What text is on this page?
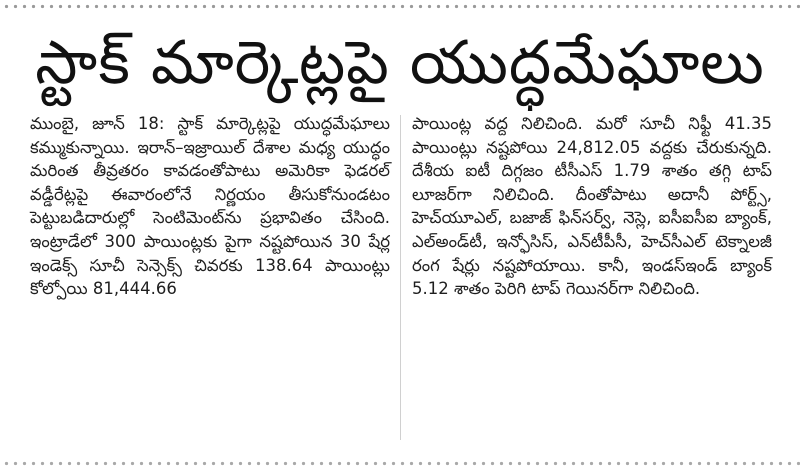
స్టాక్ మార్కెట్లపై యుద్ధమేఘాలు

ముంబై, జూన్ 18: స్టాక్ మార్కెట్లపై యుద్ధమేఘాలు కమ్ముకున్నాయి. ఇరాన్–ఇజ్రాయిల్ దేశాల మధ్య యుద్ధం మరింత తీవ్రతరం కావడంతోపాటు అమెరికా ఫెడరల్ వడ్డీరేట్లపై ఈవారంలోనే నిర్ణయం తీసుకోనుండటం పెట్టుబడిదారుల్లో సెంటిమెంట్‌ను ప్రభావితం చేసింది. ఇంట్రాడేలో 300 పాయింట్లకు పైగా నష్టపోయిన 30 షేర్ల ఇండెక్స్ సూచీ సెన్సెక్స్ చివరకు 138.64 పాయింట్లు కోల్పోయి 81,444.66

పాయింట్ల వద్ద నిలిచింది. మరో సూచీ నిఫ్టీ 41.35 పాయింట్లు నష్టపోయి 24,812.05 వద్దకు చేరుకున్నది. దేశీయ ఐటీ దిగ్గజం టీసీఎస్ 1.79 శాతం తగ్గి టాప్ లూజర్‌గా నిలిచింది. దీంతోపాటు అదానీ పోర్ట్స్, హెచ్‌యూఎల్, బజాజ్ ఫిన్‌సర్వ్, నెస్లె, ఐసీఐసీఐ బ్యాంక్, ఎల్‌అండ్‌టీ, ఇన్ఫోసిస్, ఎన్‌టీపీసీ, హెచ్‌సీఎల్ టెక్నాలజీ రంగ షేర్లు నష్టపోయాయి. కానీ, ఇండస్‌ఇండ్ బ్యాంక్ 5.12 శాతం పెరిగి టాప్ గెయినర్‌గా నిలిచింది.
